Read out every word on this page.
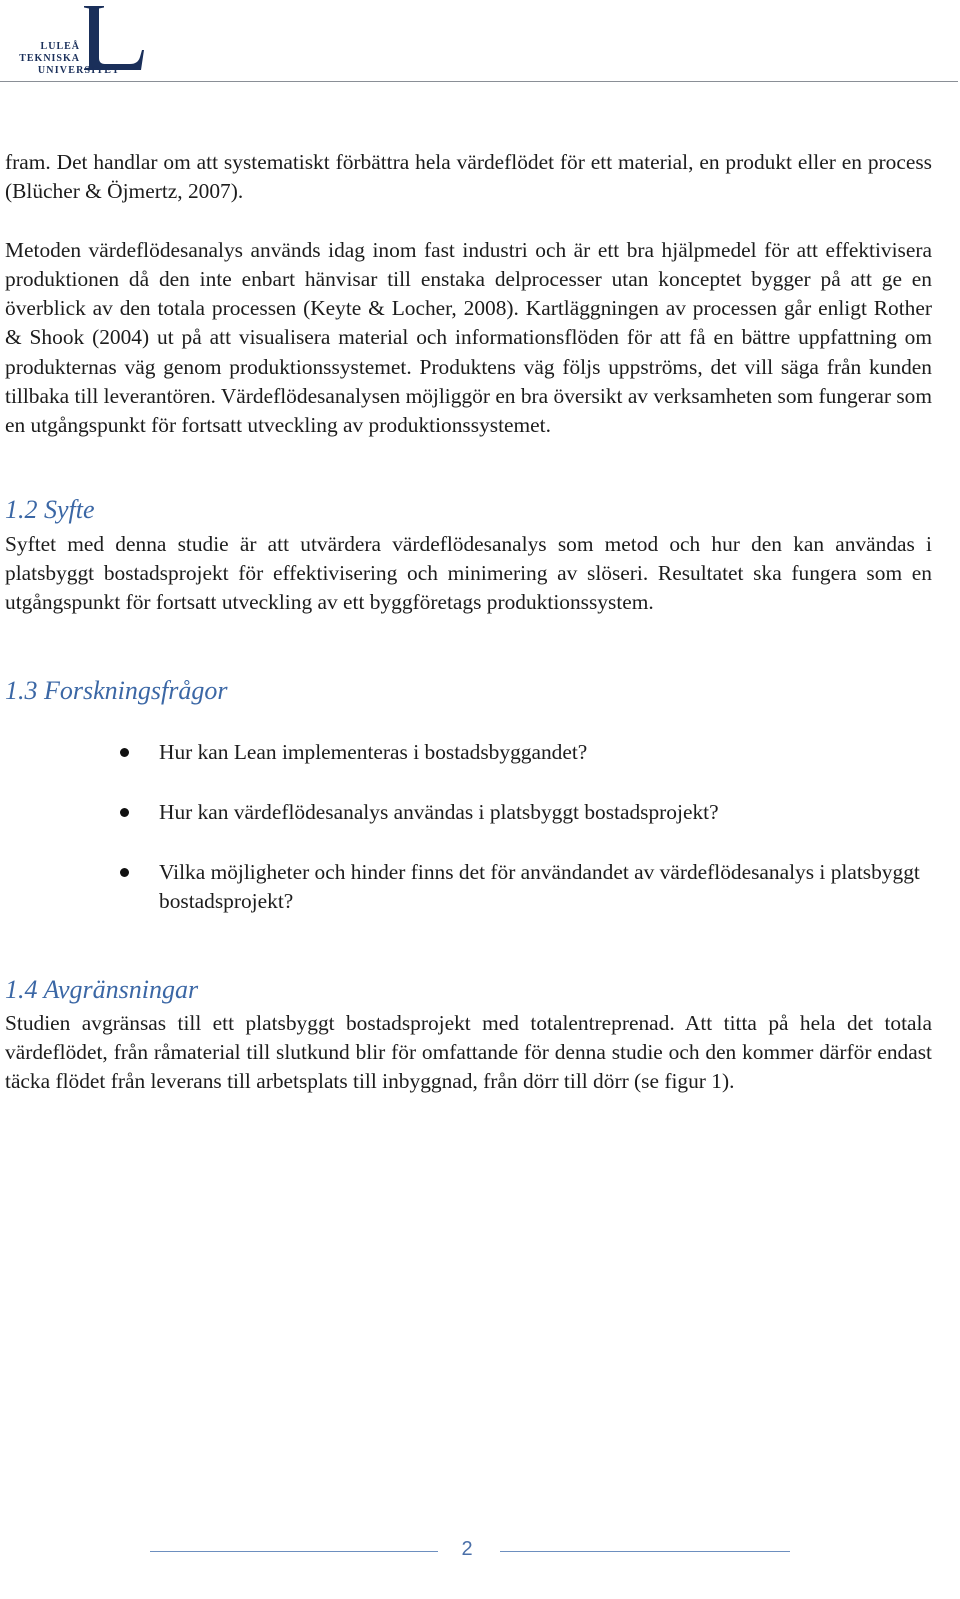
LULEÅ
TEKNISKA
UNIVERSITET

fram. Det handlar om att systematiskt förbättra hela värdeflödet för ett material, en produkt eller en process (Blücher & Öjmertz, 2007).

Metoden värdeflödesanalys används idag inom fast industri och är ett bra hjälpmedel för att effektivisera produktionen då den inte enbart hänvisar till enstaka delprocesser utan konceptet bygger på att ge en överblick av den totala processen (Keyte & Locher, 2008). Kartläggningen av processen går enligt Rother & Shook (2004) ut på att visualisera material och informationsflöden för att få en bättre uppfattning om produkternas väg genom produktionssystemet. Produktens väg följs uppströms, det vill säga från kunden tillbaka till leverantören. Värdeflödesanalysen möjliggör en bra översikt av verksamheten som fungerar som en utgångspunkt för fortsatt utveckling av produktionssystemet.

1.2 Syfte

Syftet med denna studie är att utvärdera värdeflödesanalys som metod och hur den kan användas i platsbyggt bostadsprojekt för effektivisering och minimering av slöseri. Resultatet ska fungera som en utgångspunkt för fortsatt utveckling av ett byggföretags produktionssystem.

1.3 Forskningsfrågor
Hur kan Lean implementeras i bostadsbyggandet?
Hur kan värdeflödesanalys användas i platsbyggt bostadsprojekt?
Vilka möjligheter och hinder finns det för användandet av värdeflödesanalys i platsbyggt bostadsprojekt?
1.4 Avgränsningar

Studien avgränsas till ett platsbyggt bostadsprojekt med totalentreprenad. Att titta på hela det totala värdeflödet, från råmaterial till slutkund blir för omfattande för denna studie och den kommer därför endast täcka flödet från leverans till arbetsplats till inbyggnad, från dörr till dörr (se figur 1).

2
